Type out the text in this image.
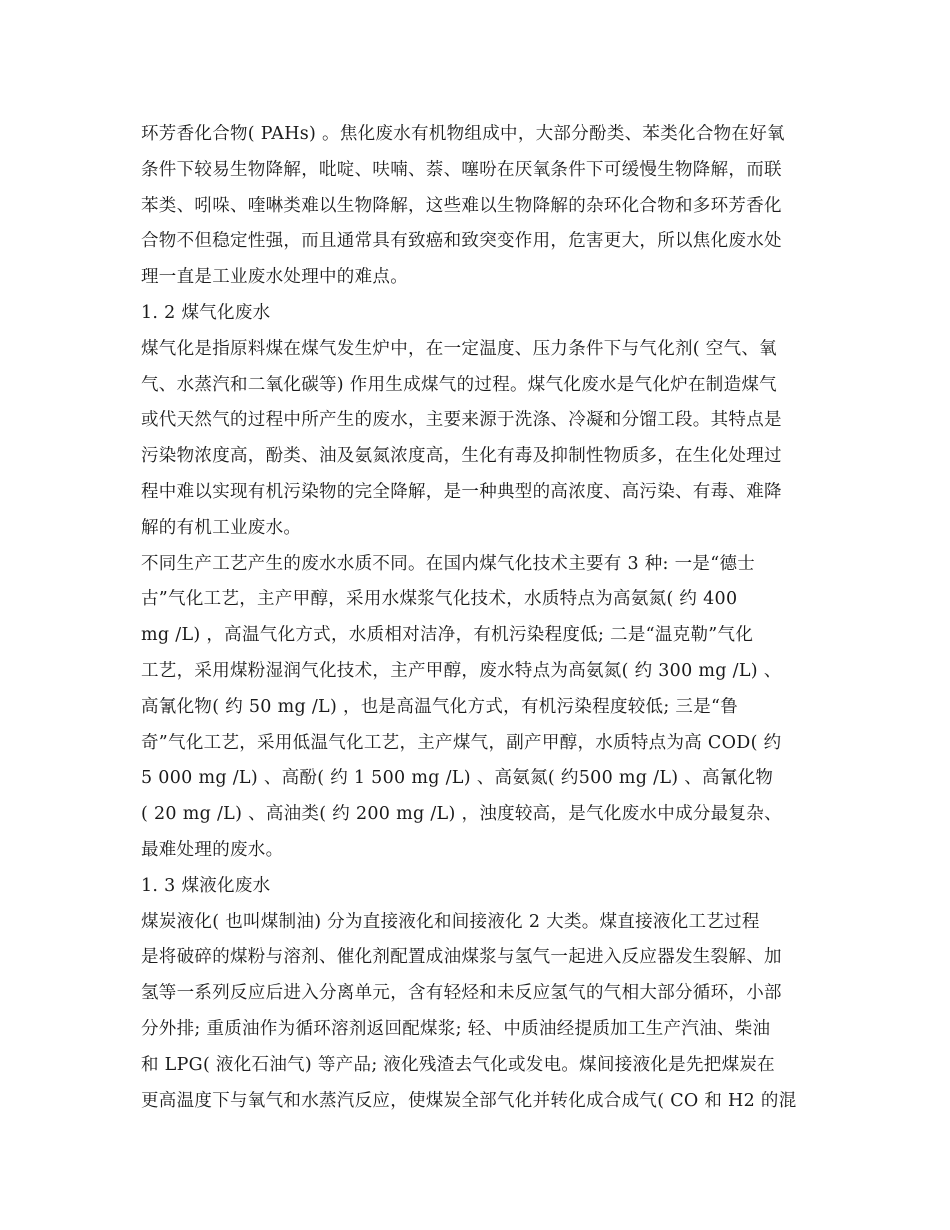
环芳香化合物( PAHs) 。焦化废水有机物组成中，大部分酚类、苯类化合物在好氧
条件下较易生物降解，吡啶、呋喃、萘、噻吩在厌氧条件下可缓慢生物降解，而联
苯类、吲哚、喹啉类难以生物降解，这些难以生物降解的杂环化合物和多环芳香化
合物不但稳定性强，而且通常具有致癌和致突变作用，危害更大，所以焦化废水处
理一直是工业废水处理中的难点。
1. 2 煤气化废水
煤气化是指原料煤在煤气发生炉中，在一定温度、压力条件下与气化剂( 空气、氧
气、水蒸汽和二氧化碳等) 作用生成煤气的过程。煤气化废水是气化炉在制造煤气
或代天然气的过程中所产生的废水，主要来源于洗涤、冷凝和分馏工段。其特点是
污染物浓度高，酚类、油及氨氮浓度高，生化有毒及抑制性物质多，在生化处理过
程中难以实现有机污染物的完全降解，是一种典型的高浓度、高污染、有毒、难降
解的有机工业废水。
不同生产工艺产生的废水水质不同。在国内煤气化技术主要有 3 种: 一是“德士
古”气化工艺，主产甲醇，采用水煤浆气化技术，水质特点为高氨氮( 约 400
mg /L) ，高温气化方式，水质相对洁净，有机污染程度低; 二是“温克勒”气化
工艺，采用煤粉湿润气化技术，主产甲醇，废水特点为高氨氮( 约 300 mg /L) 、
高氰化物( 约 50 mg /L) ，也是高温气化方式，有机污染程度较低; 三是“鲁
奇”气化工艺，采用低温气化工艺，主产煤气，副产甲醇，水质特点为高 COD( 约
5 000 mg /L) 、高酚( 约 1 500 mg /L) 、高氨氮( 约500 mg /L) 、高氰化物
( 20 mg /L) 、高油类( 约 200 mg /L) ，浊度较高，是气化废水中成分最复杂、
最难处理的废水。
1. 3 煤液化废水
煤炭液化( 也叫煤制油) 分为直接液化和间接液化 2 大类。煤直接液化工艺过程
是将破碎的煤粉与溶剂、催化剂配置成油煤浆与氢气一起进入反应器发生裂解、加
氢等一系列反应后进入分离单元，含有轻烃和未反应氢气的气相大部分循环，小部
分外排; 重质油作为循环溶剂返回配煤浆; 轻、中质油经提质加工生产汽油、柴油
和 LPG( 液化石油气) 等产品; 液化残渣去气化或发电。煤间接液化是先把煤炭在
更高温度下与氧气和水蒸汽反应，使煤炭全部气化并转化成合成气( CO 和 H2 的混
